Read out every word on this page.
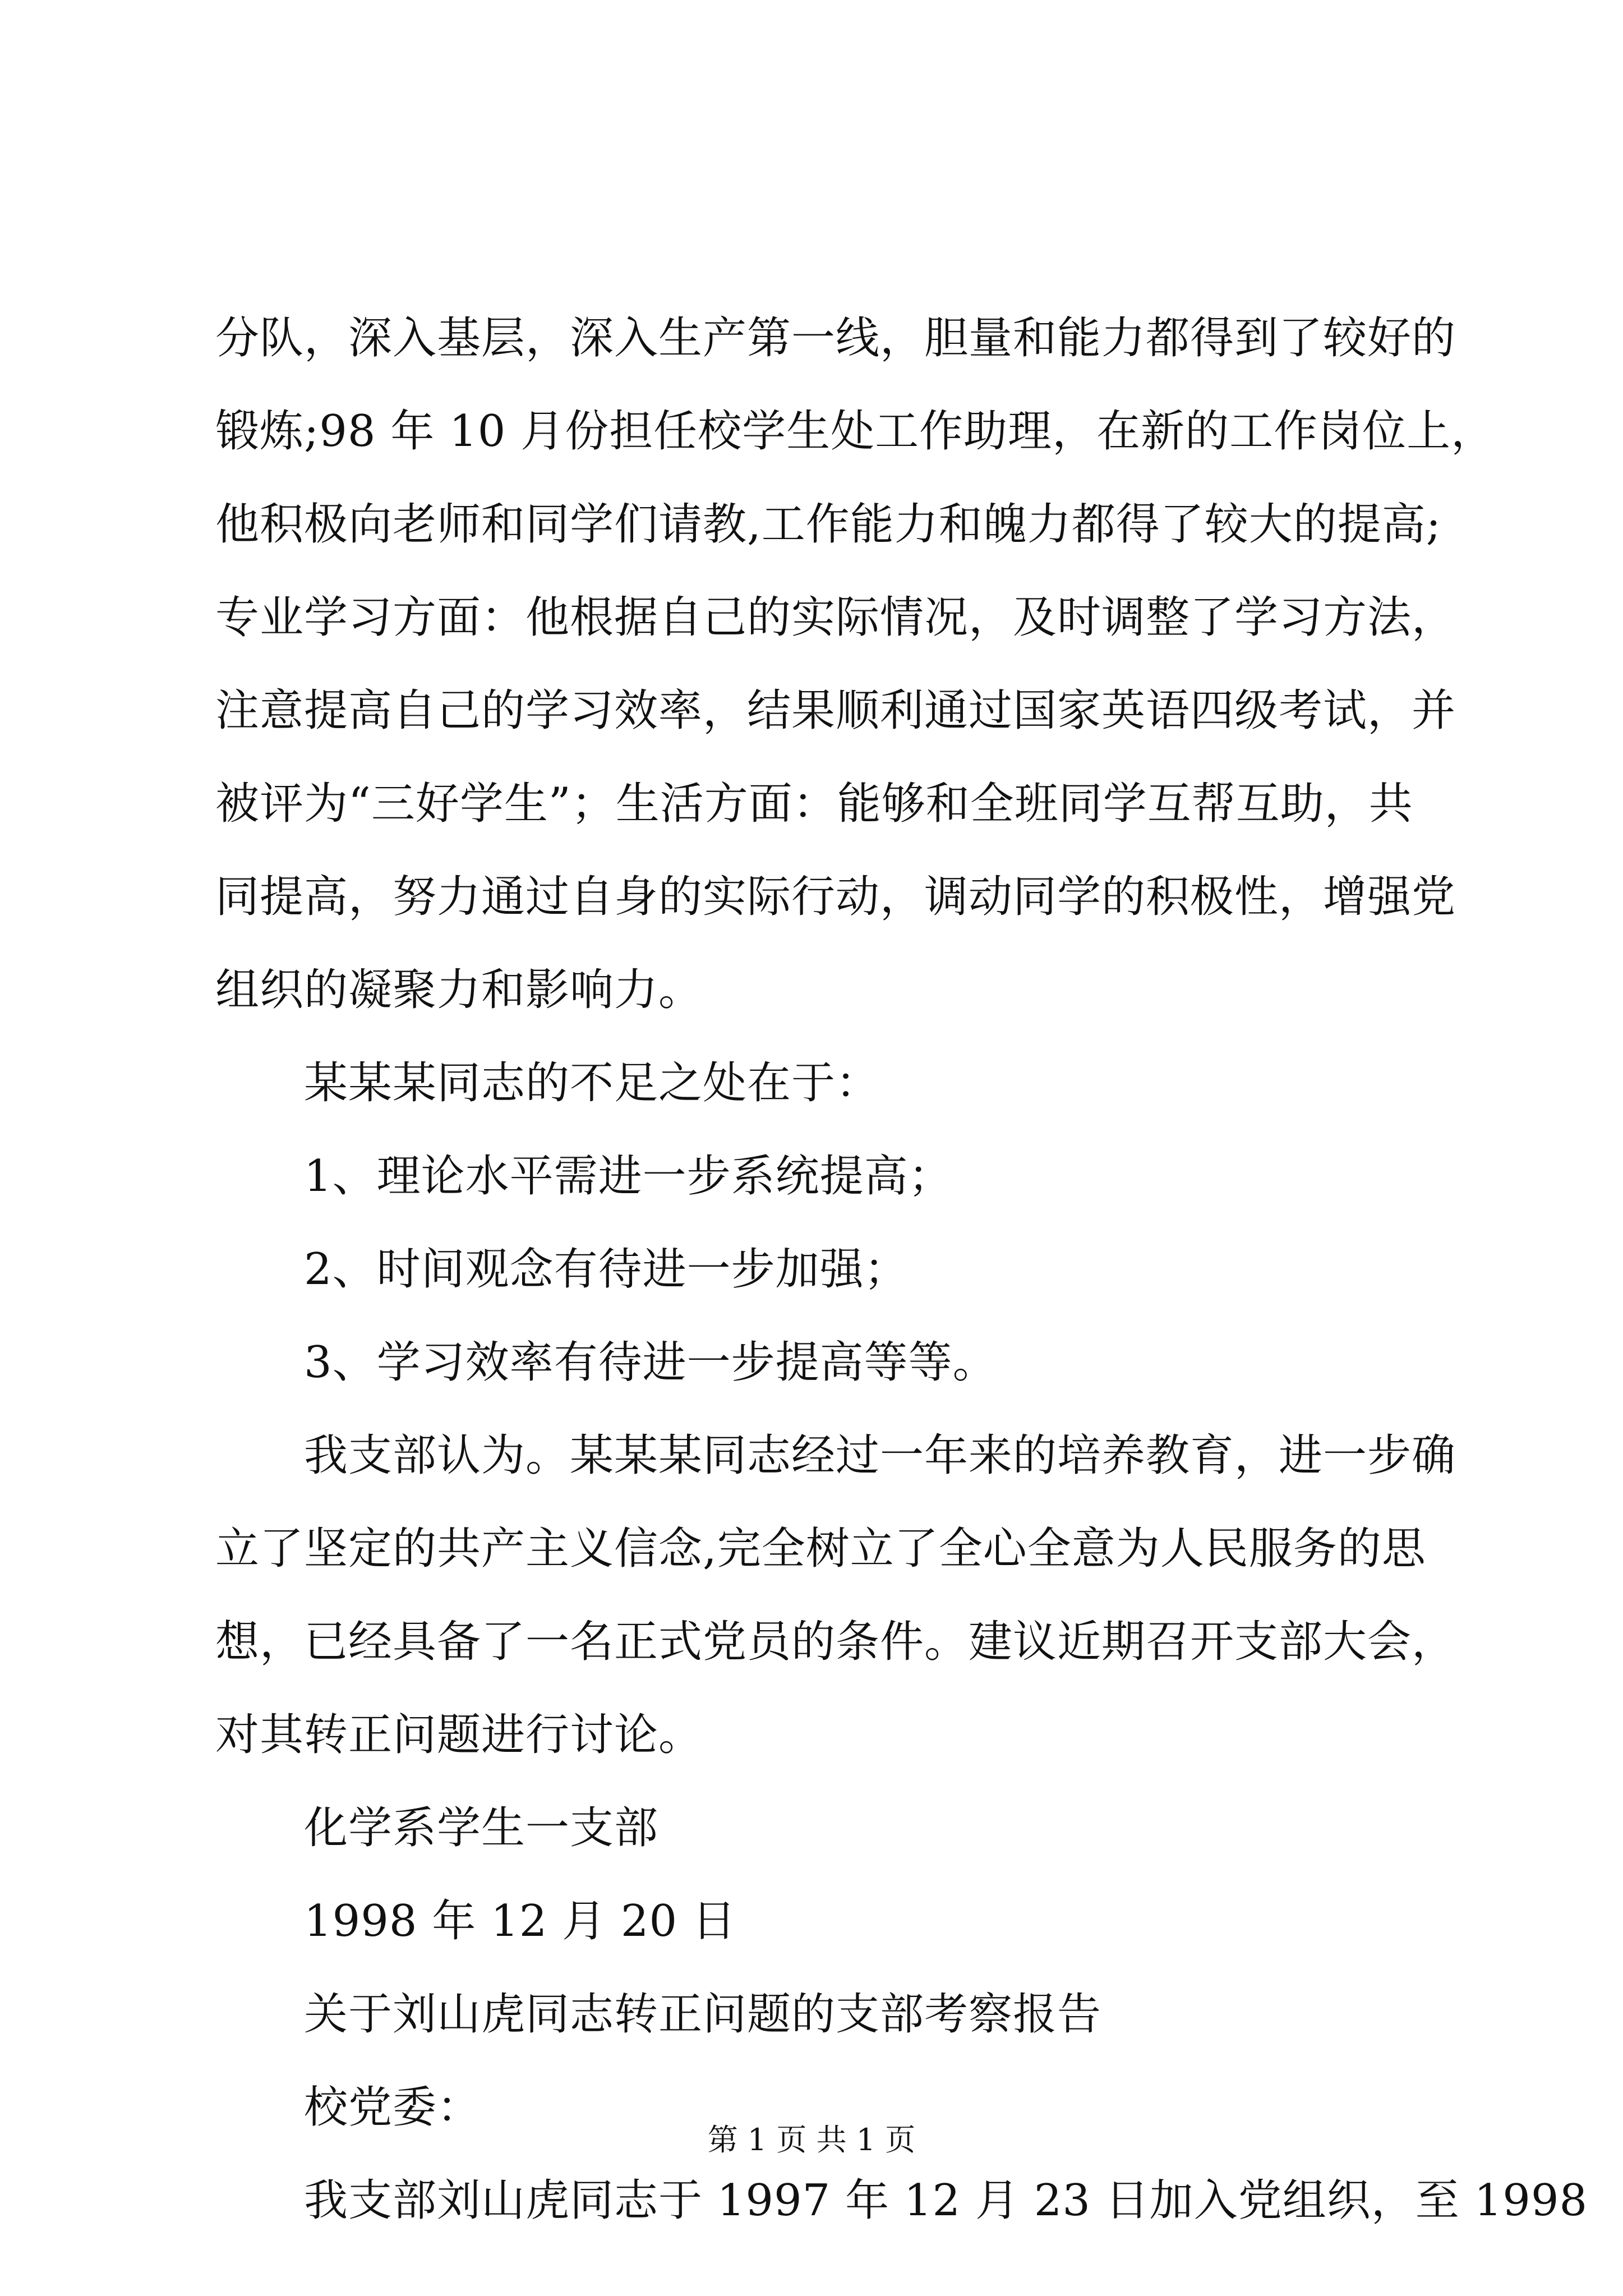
分队，深入基层，深入生产第一线，胆量和能力都得到了较好的
锻炼;98 年 10 月份担任校学生处工作助理，在新的工作岗位上，
他积极向老师和同学们请教,工作能力和魄力都得了较大的提高;
专业学习方面：他根据自己的实际情况，及时调整了学习方法，
注意提高自己的学习效率，结果顺利通过国家英语四级考试，并
被评为“三好学生”；生活方面：能够和全班同学互帮互助，共
同提高，努力通过自身的实际行动，调动同学的积极性，增强党
组织的凝聚力和影响力。
某某某同志的不足之处在于：
1、理论水平需进一步系统提高；
2、时间观念有待进一步加强；
3、学习效率有待进一步提高等等。
我支部认为。某某某同志经过一年来的培养教育，进一步确
立了坚定的共产主义信念,完全树立了全心全意为人民服务的思
想，已经具备了一名正式党员的条件。建议近期召开支部大会，
对其转正问题进行讨论。
化学系学生一支部
1998 年 12 月 20 日
关于刘山虎同志转正问题的支部考察报告
校党委：
我支部刘山虎同志于 1997 年 12 月 23 日加入党组织，至 1998
第 1 页 共 1 页
